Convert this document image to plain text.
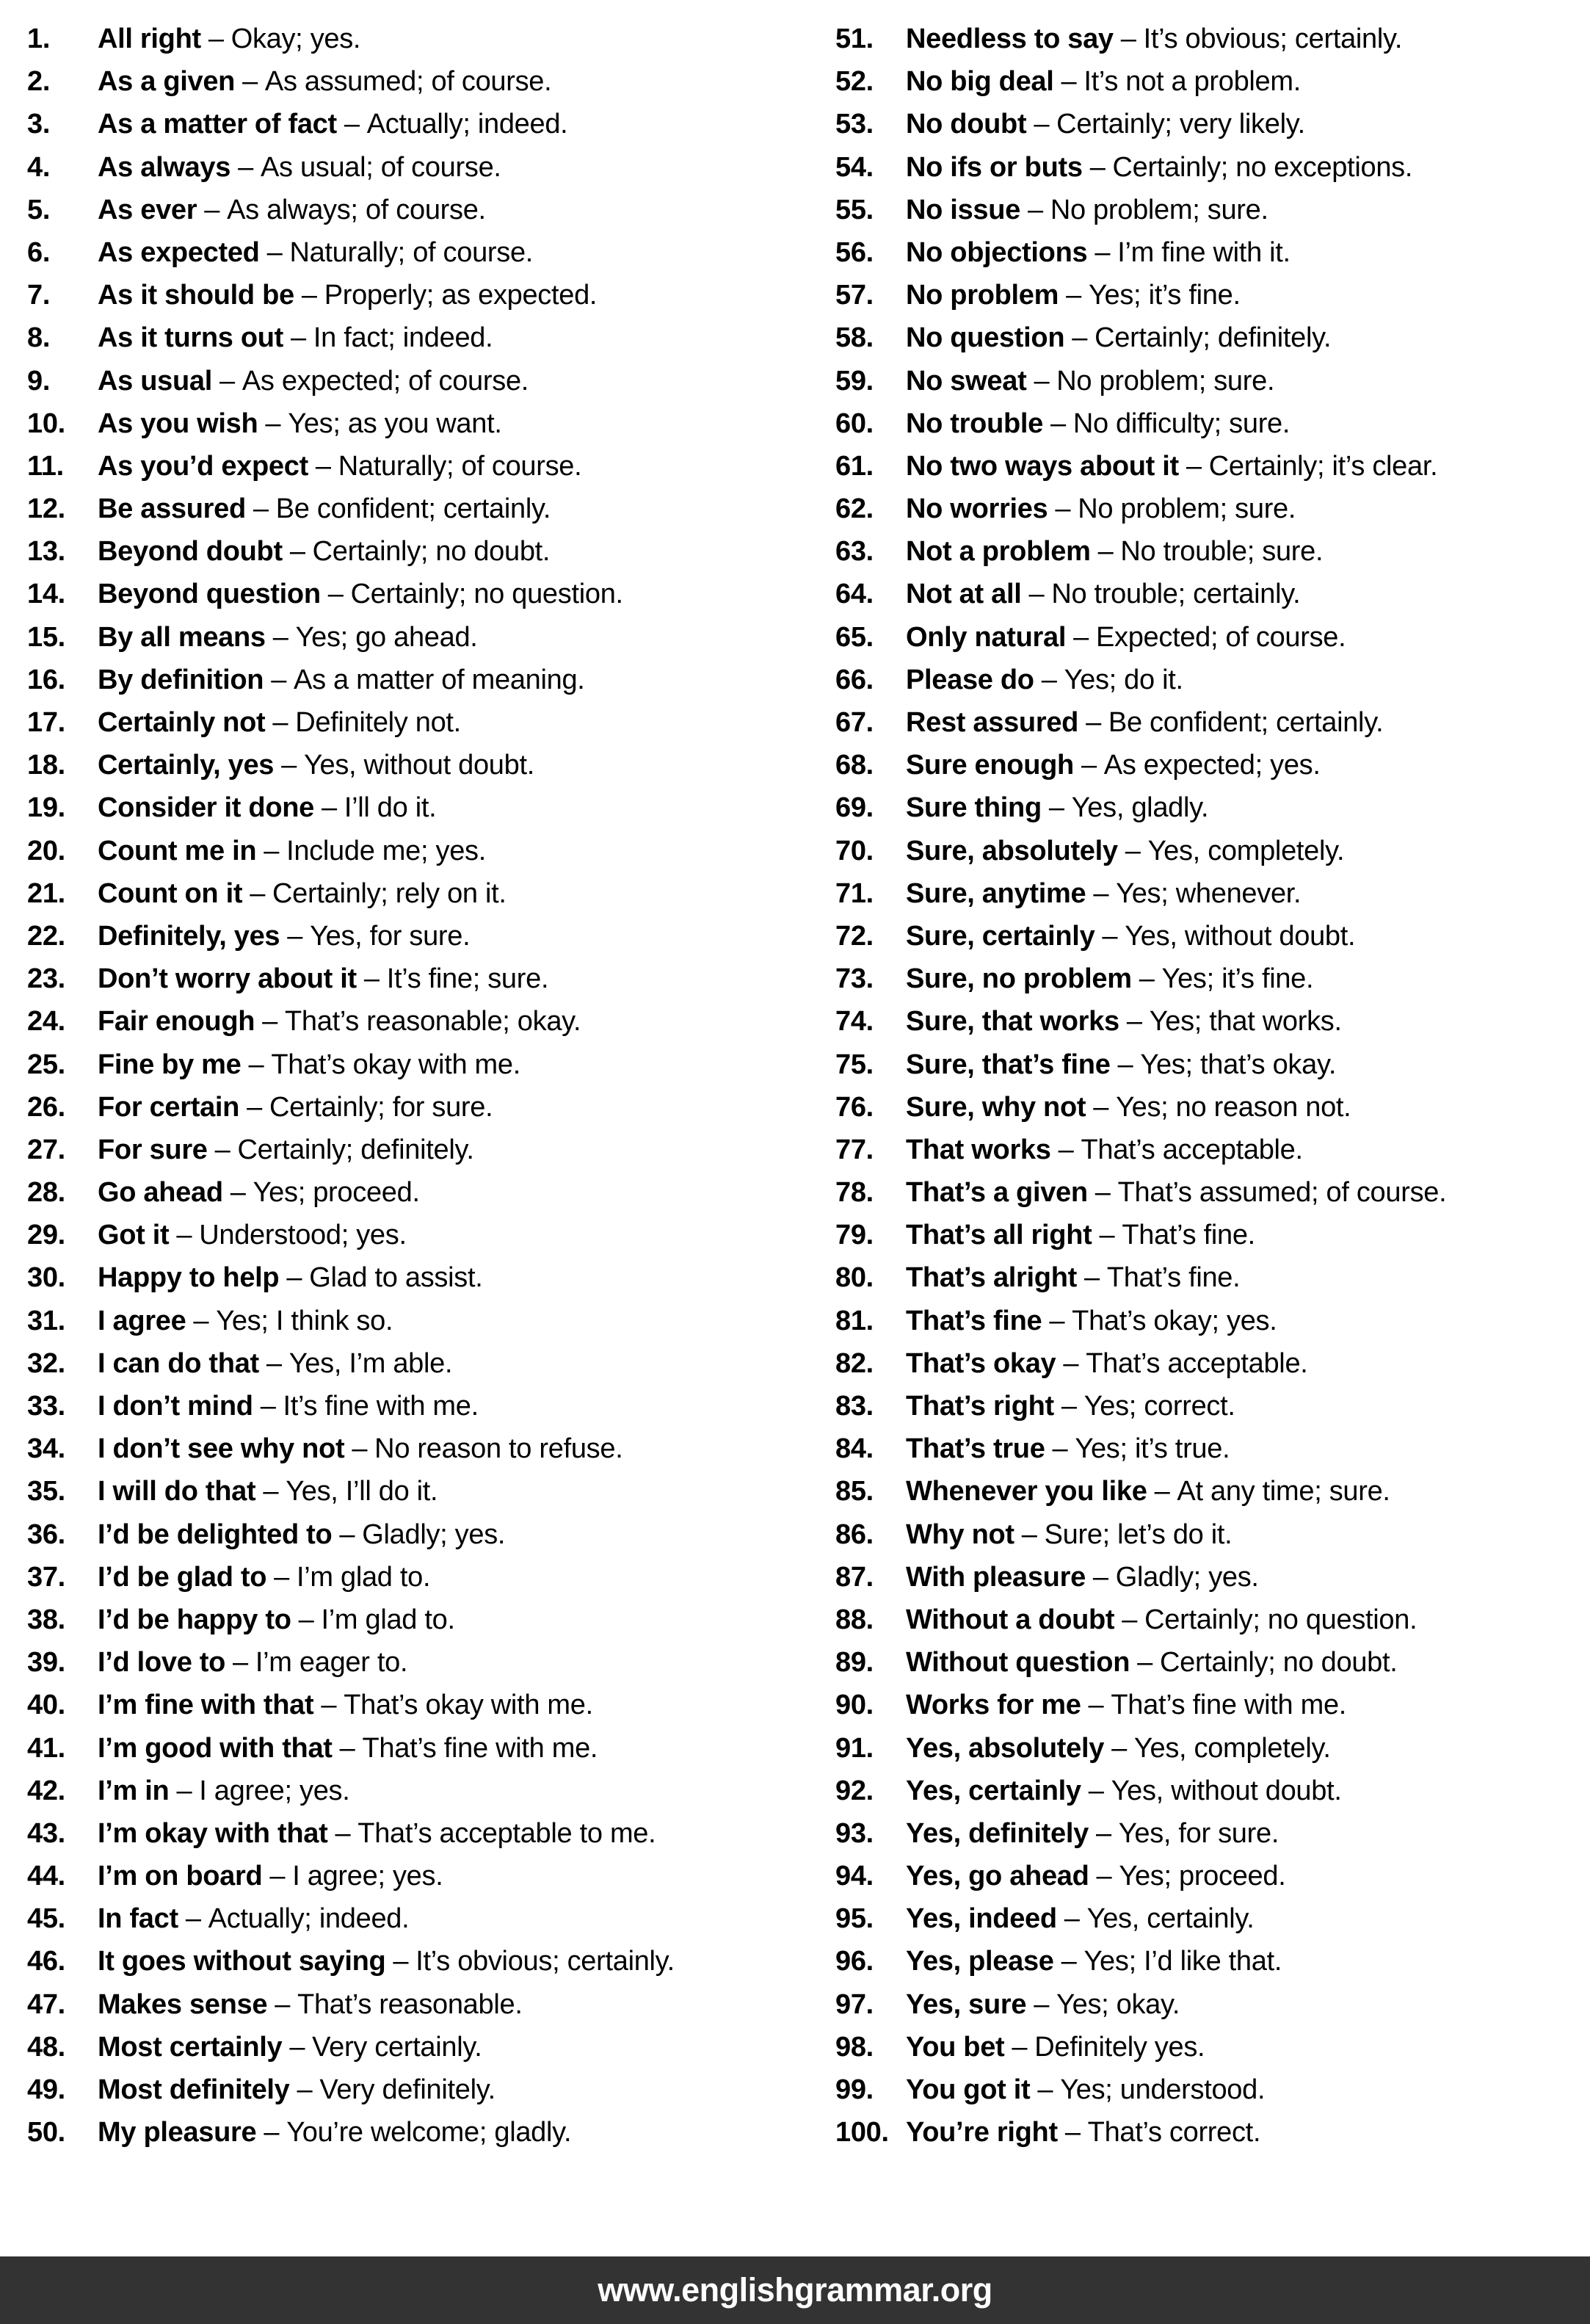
1. All right – Okay; yes.
2. As a given – As assumed; of course.
3. As a matter of fact – Actually; indeed.
4. As always – As usual; of course.
5. As ever – As always; of course.
6. As expected – Naturally; of course.
7. As it should be – Properly; as expected.
8. As it turns out – In fact; indeed.
9. As usual – As expected; of course.
10. As you wish – Yes; as you want.
11. As you’d expect – Naturally; of course.
12. Be assured – Be confident; certainly.
13. Beyond doubt – Certainly; no doubt.
14. Beyond question – Certainly; no question.
15. By all means – Yes; go ahead.
16. By definition – As a matter of meaning.
17. Certainly not – Definitely not.
18. Certainly, yes – Yes, without doubt.
19. Consider it done – I’ll do it.
20. Count me in – Include me; yes.
21. Count on it – Certainly; rely on it.
22. Definitely, yes – Yes, for sure.
23. Don’t worry about it – It’s fine; sure.
24. Fair enough – That’s reasonable; okay.
25. Fine by me – That’s okay with me.
26. For certain – Certainly; for sure.
27. For sure – Certainly; definitely.
28. Go ahead – Yes; proceed.
29. Got it – Understood; yes.
30. Happy to help – Glad to assist.
31. I agree – Yes; I think so.
32. I can do that – Yes, I’m able.
33. I don’t mind – It’s fine with me.
34. I don’t see why not – No reason to refuse.
35. I will do that – Yes, I’ll do it.
36. I’d be delighted to – Gladly; yes.
37. I’d be glad to – I’m glad to.
38. I’d be happy to – I’m glad to.
39. I’d love to – I’m eager to.
40. I’m fine with that – That’s okay with me.
41. I’m good with that – That’s fine with me.
42. I’m in – I agree; yes.
43. I’m okay with that – That’s acceptable to me.
44. I’m on board – I agree; yes.
45. In fact – Actually; indeed.
46. It goes without saying – It’s obvious; certainly.
47. Makes sense – That’s reasonable.
48. Most certainly – Very certainly.
49. Most definitely – Very definitely.
50. My pleasure – You’re welcome; gladly.
51. Needless to say – It’s obvious; certainly.
52. No big deal – It’s not a problem.
53. No doubt – Certainly; very likely.
54. No ifs or buts – Certainly; no exceptions.
55. No issue – No problem; sure.
56. No objections – I’m fine with it.
57. No problem – Yes; it’s fine.
58. No question – Certainly; definitely.
59. No sweat – No problem; sure.
60. No trouble – No difficulty; sure.
61. No two ways about it – Certainly; it’s clear.
62. No worries – No problem; sure.
63. Not a problem – No trouble; sure.
64. Not at all – No trouble; certainly.
65. Only natural – Expected; of course.
66. Please do – Yes; do it.
67. Rest assured – Be confident; certainly.
68. Sure enough – As expected; yes.
69. Sure thing – Yes, gladly.
70. Sure, absolutely – Yes, completely.
71. Sure, anytime – Yes; whenever.
72. Sure, certainly – Yes, without doubt.
73. Sure, no problem – Yes; it’s fine.
74. Sure, that works – Yes; that works.
75. Sure, that’s fine – Yes; that’s okay.
76. Sure, why not – Yes; no reason not.
77. That works – That’s acceptable.
78. That’s a given – That’s assumed; of course.
79. That’s all right – That’s fine.
80. That’s alright – That’s fine.
81. That’s fine – That’s okay; yes.
82. That’s okay – That’s acceptable.
83. That’s right – Yes; correct.
84. That’s true – Yes; it’s true.
85. Whenever you like – At any time; sure.
86. Why not – Sure; let’s do it.
87. With pleasure – Gladly; yes.
88. Without a doubt – Certainly; no question.
89. Without question – Certainly; no doubt.
90. Works for me – That’s fine with me.
91. Yes, absolutely – Yes, completely.
92. Yes, certainly – Yes, without doubt.
93. Yes, definitely – Yes, for sure.
94. Yes, go ahead – Yes; proceed.
95. Yes, indeed – Yes, certainly.
96. Yes, please – Yes; I’d like that.
97. Yes, sure – Yes; okay.
98. You bet – Definitely yes.
99. You got it – Yes; understood.
100. You’re right – That’s correct.
www.englishgrammar.org
